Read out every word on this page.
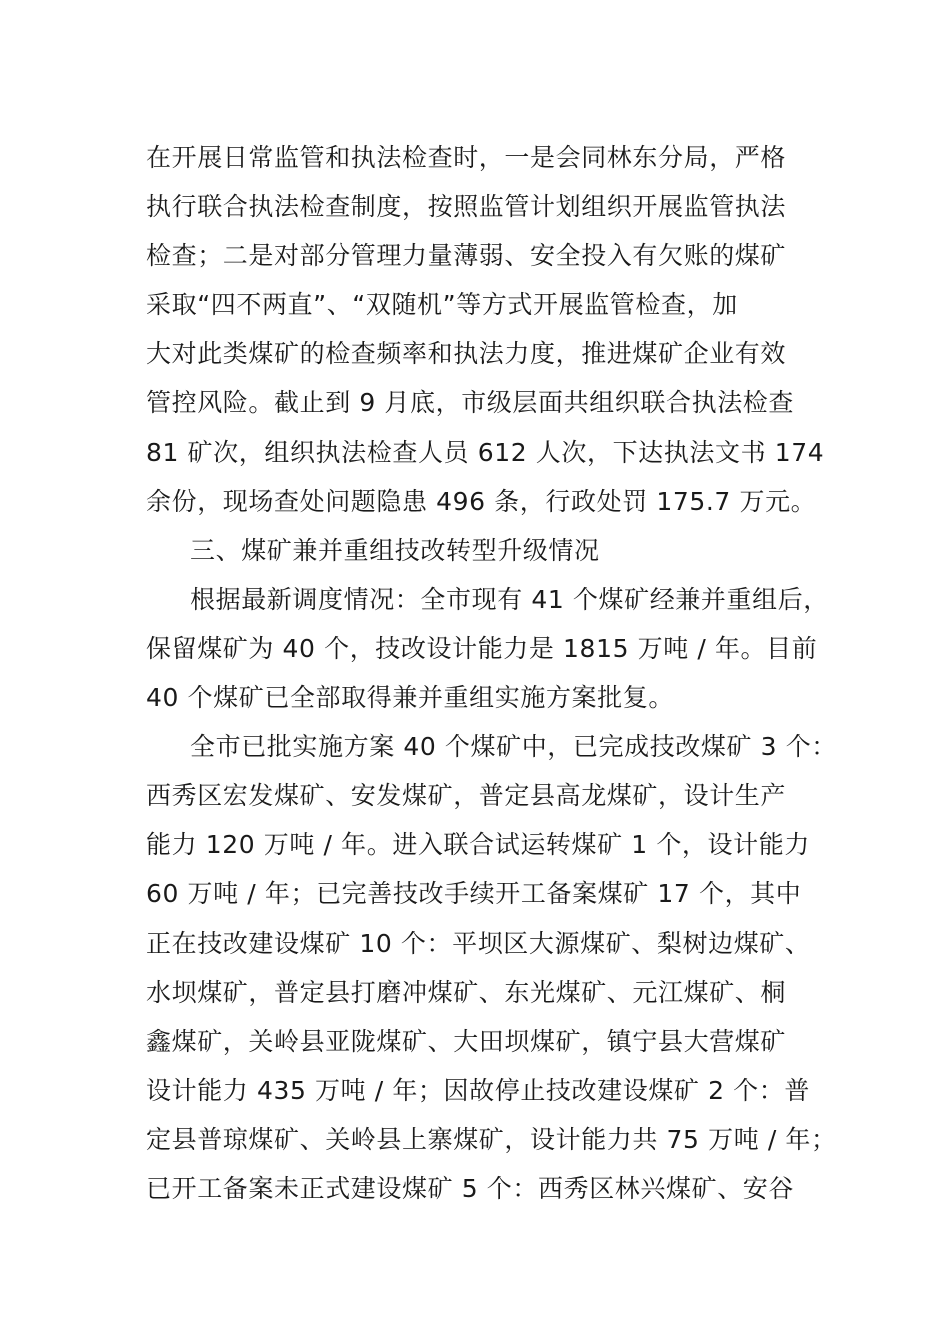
在开展日常监管和执法检查时，一是会同林东分局，严格
执行联合执法检查制度，按照监管计划组织开展监管执法
检查；二是对部分管理力量薄弱、安全投入有欠账的煤矿
采取“四不两直”、“双随机”等方式开展监管检查，加
大对此类煤矿的检查频率和执法力度，推进煤矿企业有效
管控风险。截止到 9 月底，市级层面共组织联合执法检查
81 矿次，组织执法检查人员 612 人次，下达执法文书 174
余份，现场查处问题隐患 496 条，行政处罚 175.7 万元。
三、煤矿兼并重组技改转型升级情况
根据最新调度情况：全市现有 41 个煤矿经兼并重组后，
保留煤矿为 40 个，技改设计能力是 1815 万吨 / 年。目前
40 个煤矿已全部取得兼并重组实施方案批复。
全市已批实施方案 40 个煤矿中，已完成技改煤矿 3 个：
西秀区宏发煤矿、安发煤矿，普定县高龙煤矿，设计生产
能力 120 万吨 / 年。进入联合试运转煤矿 1 个，设计能力
60 万吨 / 年；已完善技改手续开工备案煤矿 17 个，其中
正在技改建设煤矿 10 个：平坝区大源煤矿、梨树边煤矿、
水坝煤矿，普定县打磨冲煤矿、东光煤矿、元江煤矿、桐
鑫煤矿，关岭县亚陇煤矿、大田坝煤矿，镇宁县大营煤矿
设计能力 435 万吨 / 年；因故停止技改建设煤矿 2 个：普
定县普琼煤矿、关岭县上寨煤矿，设计能力共 75 万吨 / 年；
已开工备案未正式建设煤矿 5 个：西秀区林兴煤矿、安谷
